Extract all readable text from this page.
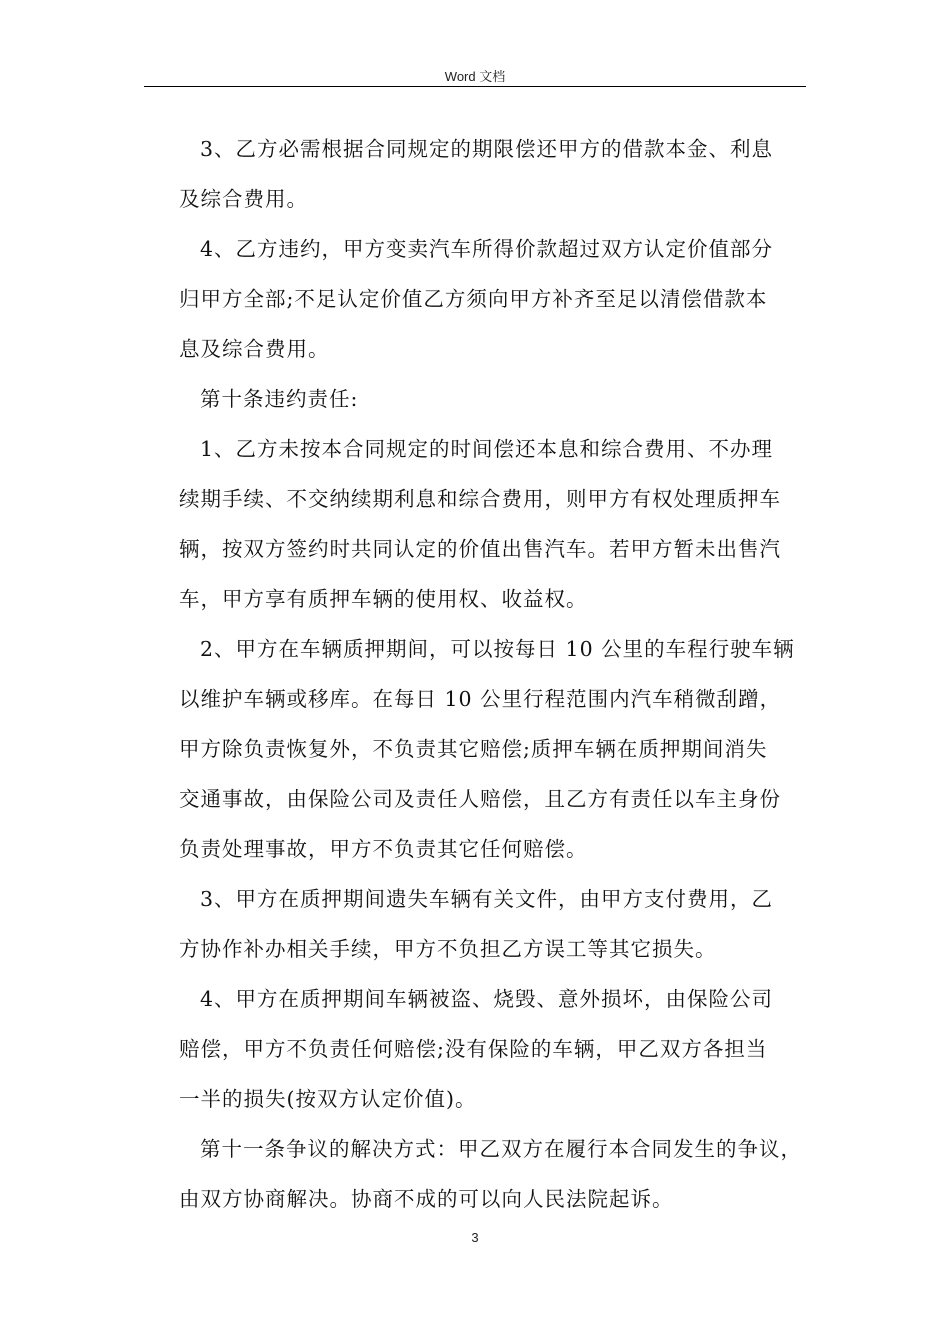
Word 文档
3、乙方必需根据合同规定的期限偿还甲方的借款本金、利息
及综合费用。
4、乙方违约，甲方变卖汽车所得价款超过双方认定价值部分
归甲方全部;不足认定价值乙方须向甲方补齐至足以清偿借款本
息及综合费用。
第十条违约责任:
1、乙方未按本合同规定的时间偿还本息和综合费用、不办理
续期手续、不交纳续期利息和综合费用，则甲方有权处理质押车
辆，按双方签约时共同认定的价值出售汽车。若甲方暂未出售汽
车，甲方享有质押车辆的使用权、收益权。
2、甲方在车辆质押期间，可以按每日 10 公里的车程行驶车辆
以维护车辆或移库。在每日 10 公里行程范围内汽车稍微刮蹭，
甲方除负责恢复外，不负责其它赔偿;质押车辆在质押期间消失
交通事故，由保险公司及责任人赔偿，且乙方有责任以车主身份
负责处理事故，甲方不负责其它任何赔偿。
3、甲方在质押期间遗失车辆有关文件，由甲方支付费用，乙
方协作补办相关手续，甲方不负担乙方误工等其它损失。
4、甲方在质押期间车辆被盗、烧毁、意外损坏，由保险公司
赔偿，甲方不负责任何赔偿;没有保险的车辆，甲乙双方各担当
一半的损失(按双方认定价值)。
第十一条争议的解决方式：甲乙双方在履行本合同发生的争议，
由双方协商解决。协商不成的可以向人民法院起诉。
3
